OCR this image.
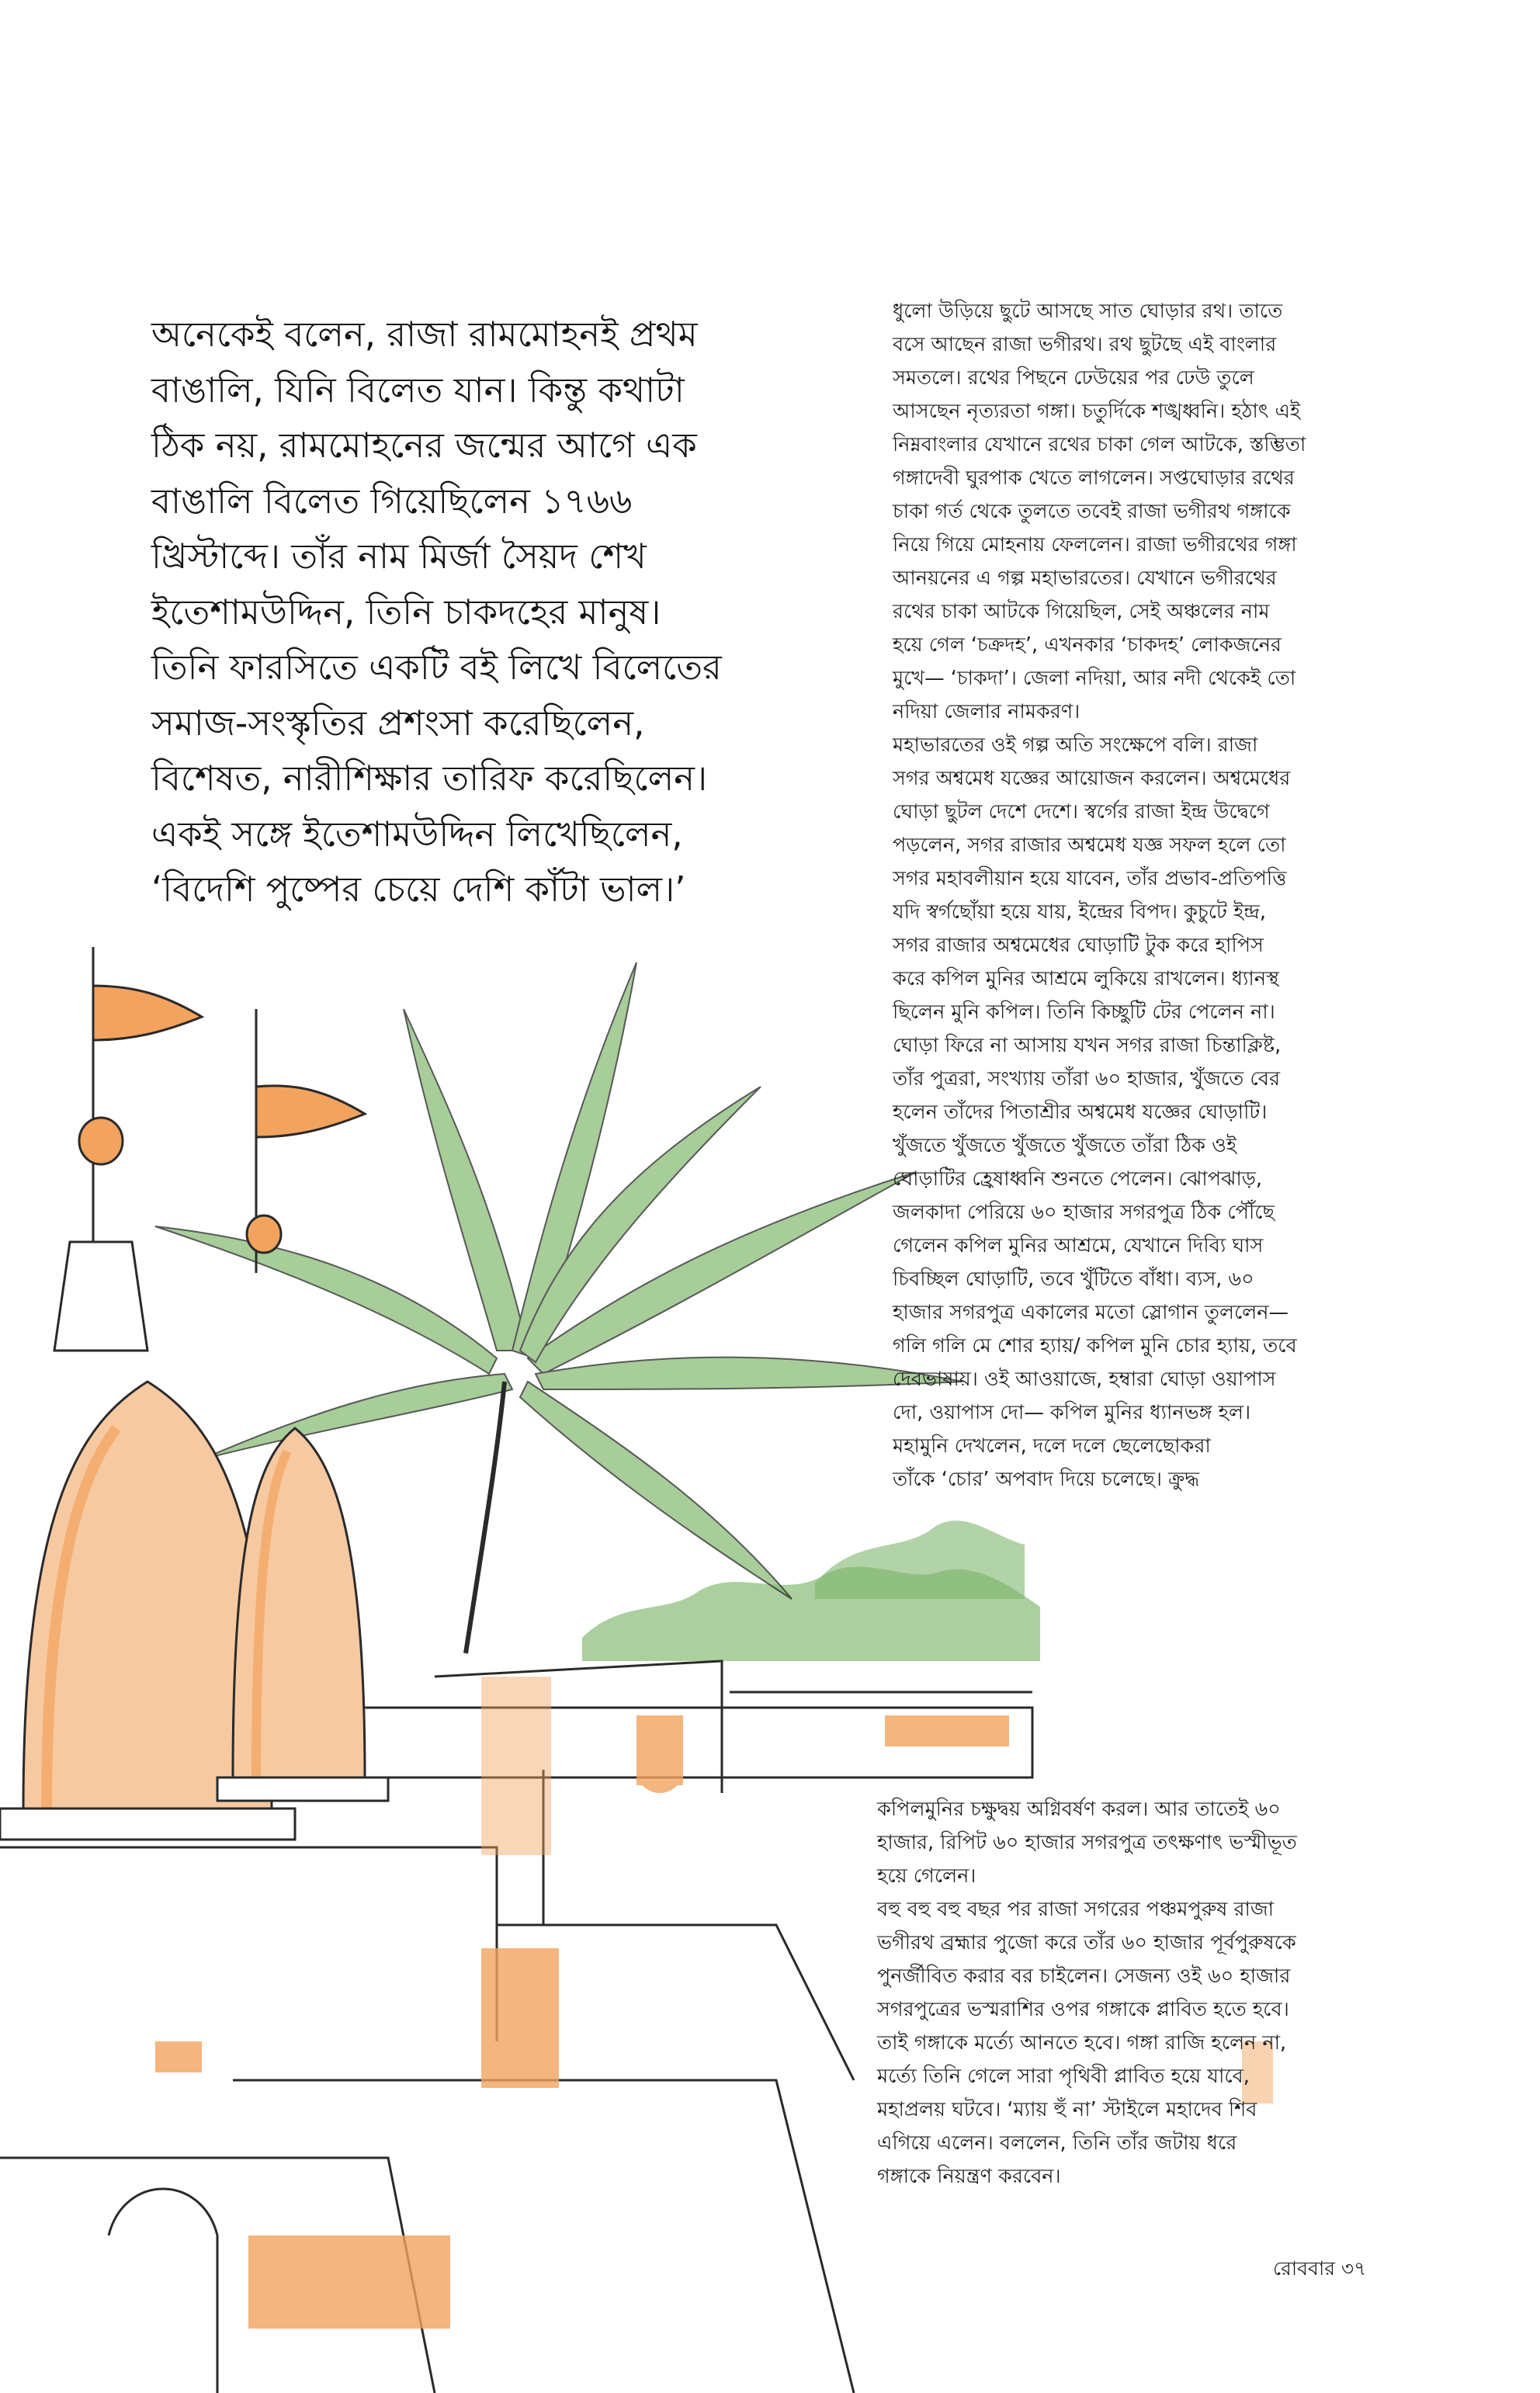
অনেকেই বলেন, রাজা রামমোহনই প্রথম
বাঙালি, যিনি বিলেত যান। কিন্তু কথাটা
ঠিক নয়, রামমোহনের জন্মের আগে এক
বাঙালি বিলেত গিয়েছিলেন ১৭৬৬
খ্রিস্টাব্দে। তাঁর নাম মির্জা সৈয়দ শেখ
ইতেশামউদ্দিন, তিনি চাকদহের মানুষ।
তিনি ফারসিতে একটি বই লিখে বিলেতের
সমাজ-সংস্কৃতির প্রশংসা করেছিলেন,
বিশেষত, নারীশিক্ষার তারিফ করেছিলেন।
একই সঙ্গে ইতেশামউদ্দিন লিখেছিলেন,
‘বিদেশি পুষ্পের চেয়ে দেশি কাঁটা ভাল।’

ধুলো উড়িয়ে ছুটে আসছে সাত ঘোড়ার রথ। তাতে
বসে আছেন রাজা ভগীরথ। রথ ছুটছে এই বাংলার
সমতলে। রথের পিছনে ঢেউয়ের পর ঢেউ তুলে
আসছেন নৃত্যরতা গঙ্গা। চতুর্দিকে শঙ্খধ্বনি। হঠাৎ এই
নিম্নবাংলার যেখানে রথের চাকা গেল আটকে, স্তম্ভিতা
গঙ্গাদেবী ঘুরপাক খেতে লাগলেন। সপ্তঘোড়ার রথের
চাকা গর্ত থেকে তুলতে তবেই রাজা ভগীরথ গঙ্গাকে
নিয়ে গিয়ে মোহনায় ফেললেন। রাজা ভগীরথের গঙ্গা
আনয়নের এ গল্প মহাভারতের। যেখানে ভগীরথের
রথের চাকা আটকে গিয়েছিল, সেই অঞ্চলের নাম
হয়ে গেল ‘চক্রদহ’, এখনকার ‘চাকদহ’ লোকজনের
মুখে— ‘চাকদা’। জেলা নদিয়া, আর নদী থেকেই তো
নদিয়া জেলার নামকরণ।
মহাভারতের ওই গল্প অতি সংক্ষেপে বলি। রাজা
সগর অশ্বমেধ যজ্ঞের আয়োজন করলেন। অশ্বমেধের
ঘোড়া ছুটল দেশে দেশে। স্বর্গের রাজা ইন্দ্র উদ্বেগে
পড়লেন, সগর রাজার অশ্বমেধ যজ্ঞ সফল হলে তো
সগর মহাবলীয়ান হয়ে যাবেন, তাঁর প্রভাব-প্রতিপত্তি
যদি স্বর্গছোঁয়া হয়ে যায়, ইন্দ্রের বিপদ। কুচুটে ইন্দ্র,
সগর রাজার অশ্বমেধের ঘোড়াটি টুক করে হাপিস
করে কপিল মুনির আশ্রমে লুকিয়ে রাখলেন। ধ্যানস্থ
ছিলেন মুনি কপিল। তিনি কিচ্ছুটি টের পেলেন না।
ঘোড়া ফিরে না আসায় যখন সগর রাজা চিন্তাক্লিষ্ট,
তাঁর পুত্ররা, সংখ্যায় তাঁরা ৬০ হাজার, খুঁজতে বের
হলেন তাঁদের পিতাশ্রীর অশ্বমেধ যজ্ঞের ঘোড়াটি।
খুঁজতে খুঁজতে খুঁজতে খুঁজতে তাঁরা ঠিক ওই
ঘোড়াটির হ্রেষাধ্বনি শুনতে পেলেন। ঝোপঝাড়,
জলকাদা পেরিয়ে ৬০ হাজার সগরপুত্র ঠিক পৌঁছে
গেলেন কপিল মুনির আশ্রমে, যেখানে দিব্যি ঘাস
চিবচ্ছিল ঘোড়াটি, তবে খুঁটিতে বাঁধা। ব্যস, ৬০
হাজার সগরপুত্র একালের মতো স্লোগান তুললেন—
গলি গলি মে শোর হ্যায়/ কপিল মুনি চোর হ্যায়, তবে
দেবভাষায়। ওই আওয়াজে, হম্বারা ঘোড়া ওয়াপাস
দো, ওয়াপাস দো— কপিল মুনির ধ্যানভঙ্গ হল।
মহামুনি দেখলেন, দলে দলে ছেলেছোকরা
তাঁকে ‘চোর’ অপবাদ দিয়ে চলেছে। ক্রুদ্ধ

কপিলমুনির চক্ষুদ্বয় অগ্নিবর্ষণ করল। আর তাতেই ৬০
হাজার, রিপিট ৬০ হাজার সগরপুত্র তৎক্ষণাৎ ভস্মীভূত
হয়ে গেলেন।
বহু বহু বহু বছর পর রাজা সগরের পঞ্চমপুরুষ রাজা
ভগীরথ ব্রহ্মার পুজো করে তাঁর ৬০ হাজার পূর্বপুরুষকে
পুনর্জীবিত করার বর চাইলেন। সেজন্য ওই ৬০ হাজার
সগরপুত্রের ভস্মরাশির ওপর গঙ্গাকে প্লাবিত হতে হবে।
তাই গঙ্গাকে মর্ত্যে আনতে হবে। গঙ্গা রাজি হলেন না,
মর্ত্যে তিনি গেলে সারা পৃথিবী প্লাবিত হয়ে যাবে,
মহাপ্রলয় ঘটবে। ‘ম্যায় হুঁ না’ স্টাইলে মহাদেব শিব
এগিয়ে এলেন। বললেন, তিনি তাঁর জটায় ধরে
গঙ্গাকে নিয়ন্ত্রণ করবেন।

রোববার ৩৭
